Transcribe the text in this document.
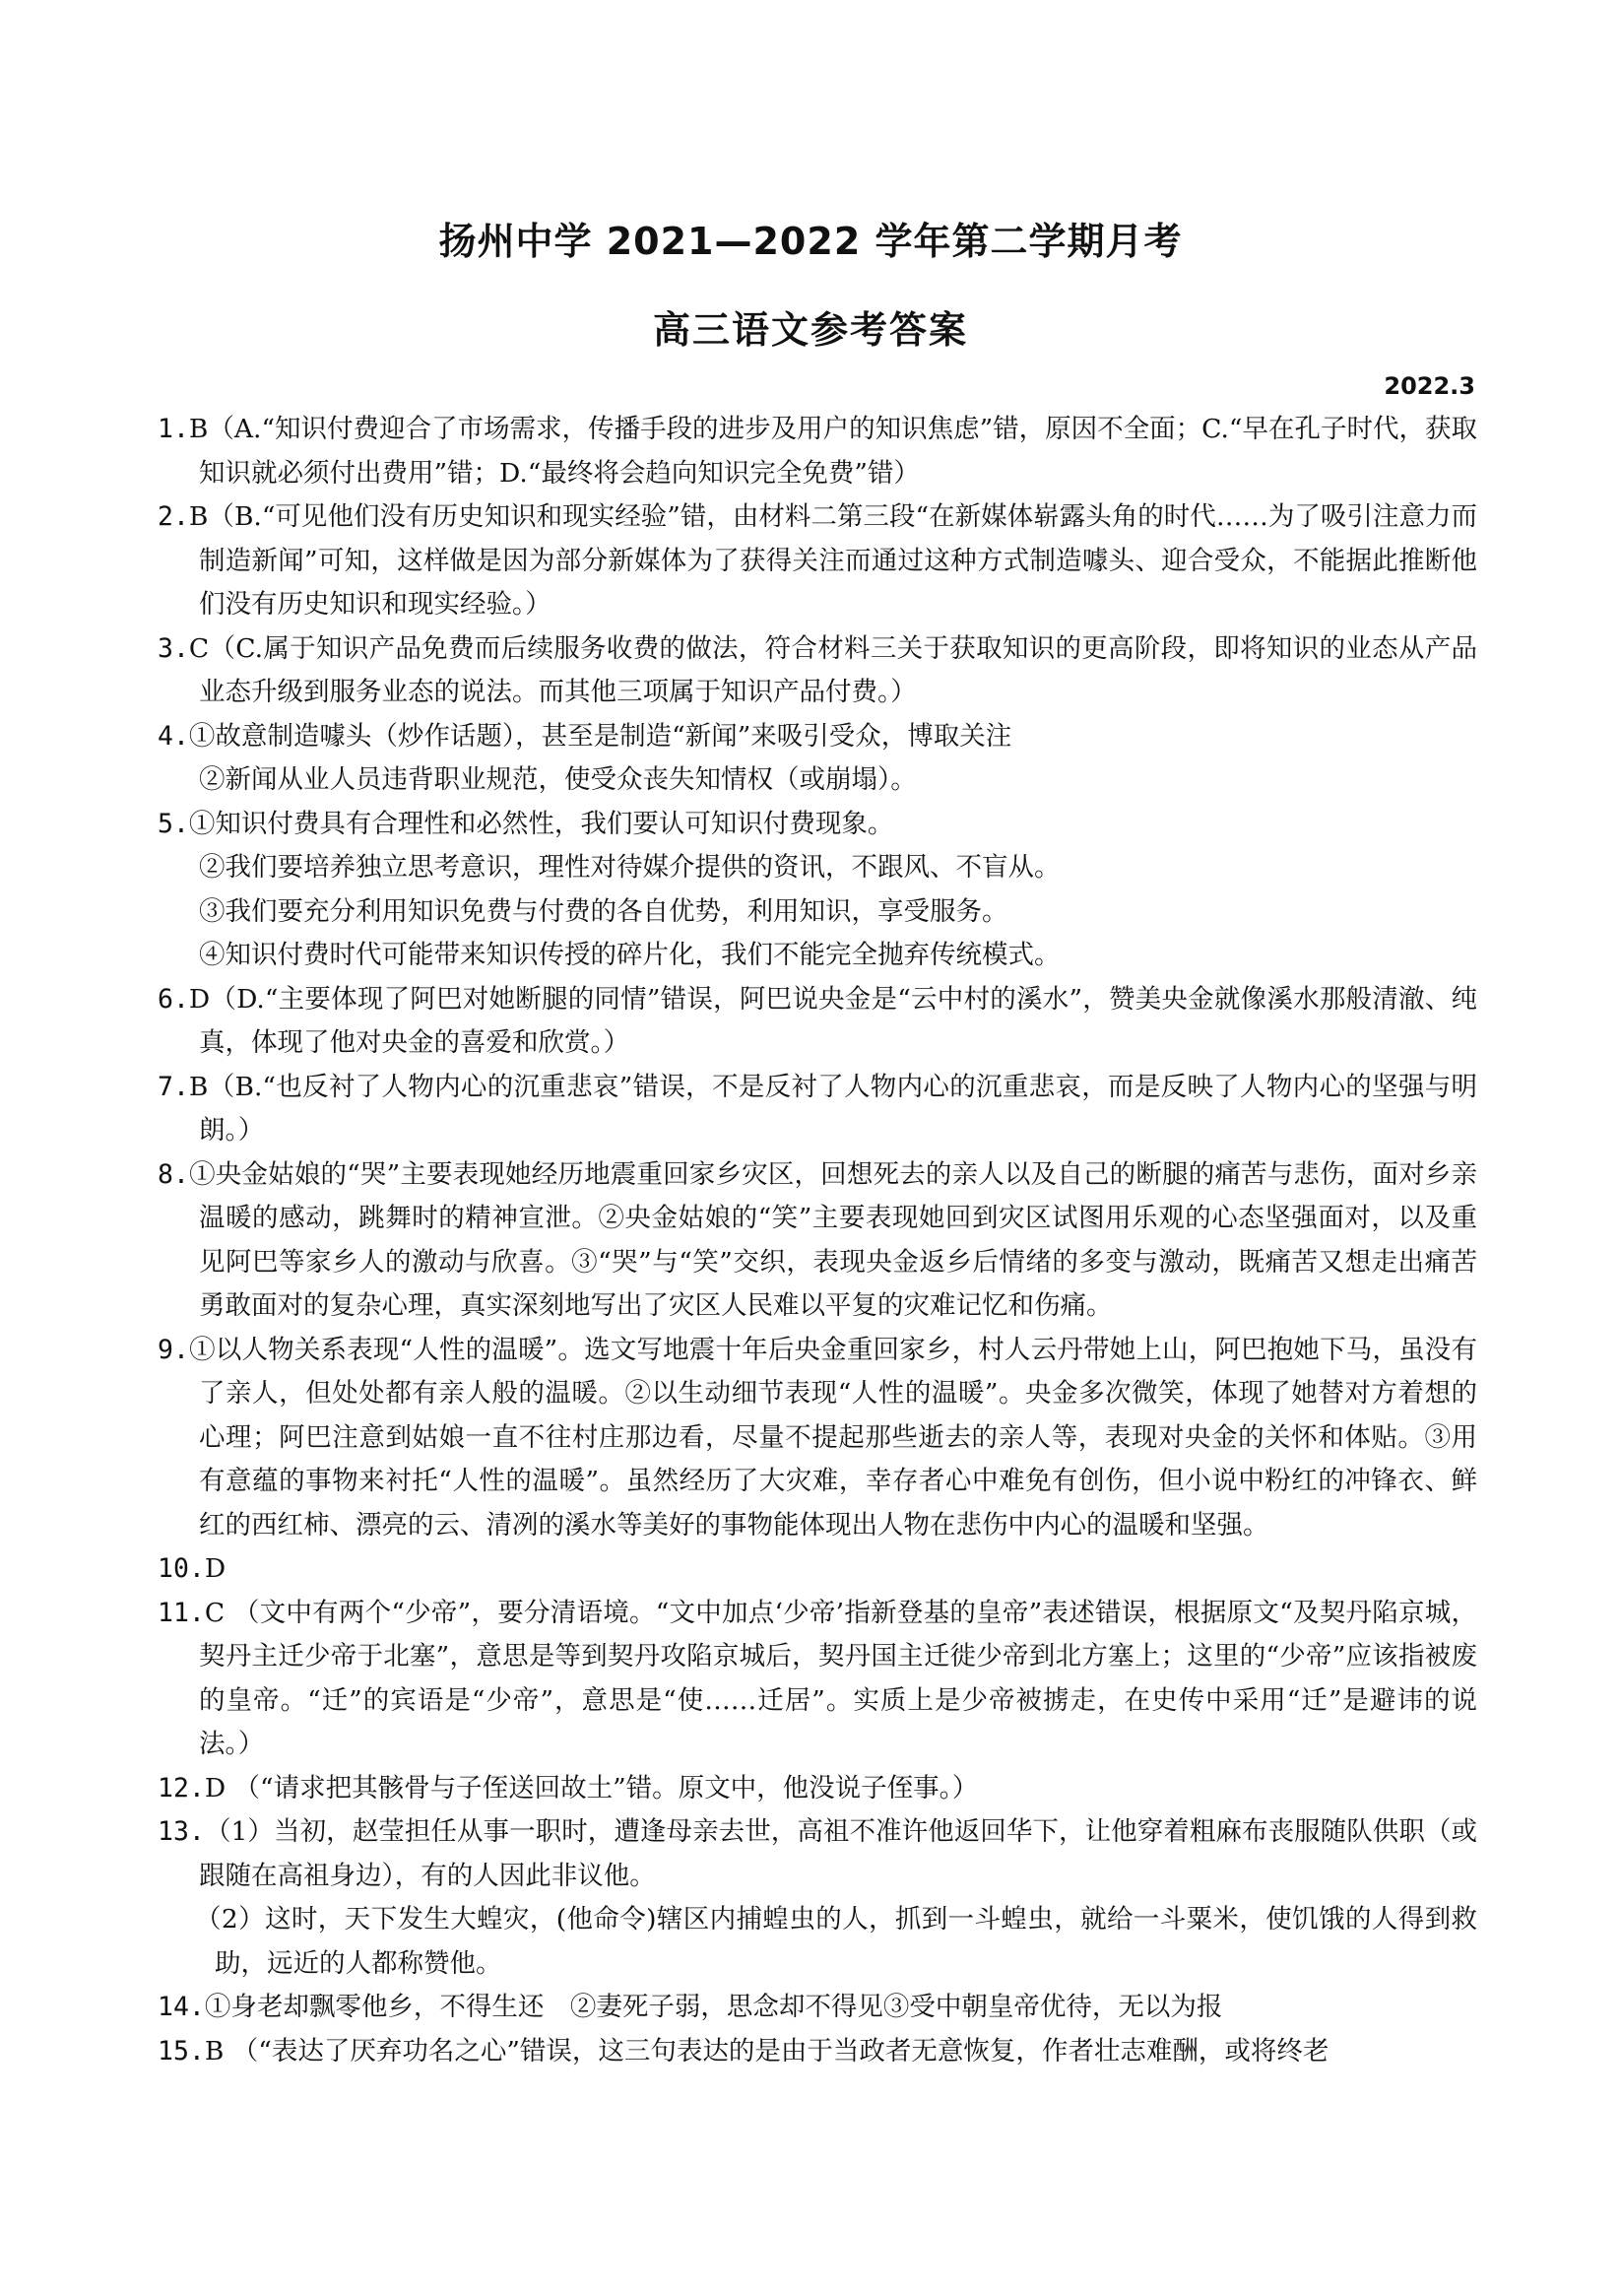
扬州中学 2021—2022 学年第二学期月考
高三语文参考答案
2022.3

1.B（A.“知识付费迎合了市场需求，传播手段的进步及用户的知识焦虑”错，原因不全面；C.“早在孔子时代，获取知识就必须付出费用”错；D.“最终将会趋向知识完全免费”错）

2.B（B.“可见他们没有历史知识和现实经验”错，由材料二第三段“在新媒体崭露头角的时代……为了吸引注意力而制造新闻”可知，这样做是因为部分新媒体为了获得关注而通过这种方式制造噱头、迎合受众，不能据此推断他们没有历史知识和现实经验。）

3.C（C.属于知识产品免费而后续服务收费的做法，符合材料三关于获取知识的更高阶段，即将知识的业态从产品业态升级到服务业态的说法。而其他三项属于知识产品付费。）

4.①故意制造噱头（炒作话题），甚至是制造“新闻”来吸引受众，博取关注

②新闻从业人员违背职业规范，使受众丧失知情权（或崩塌）。

5.①知识付费具有合理性和必然性，我们要认可知识付费现象。

②我们要培养独立思考意识，理性对待媒介提供的资讯，不跟风、不盲从。

③我们要充分利用知识免费与付费的各自优势，利用知识，享受服务。

④知识付费时代可能带来知识传授的碎片化，我们不能完全抛弃传统模式。

6.D（D.“主要体现了阿巴对她断腿的同情”错误，阿巴说央金是“云中村的溪水”，赞美央金就像溪水那般清澈、纯真，体现了他对央金的喜爱和欣赏。）

7.B（B.“也反衬了人物内心的沉重悲哀”错误，不是反衬了人物内心的沉重悲哀，而是反映了人物内心的坚强与明朗。）

8.①央金姑娘的“哭”主要表现她经历地震重回家乡灾区，回想死去的亲人以及自己的断腿的痛苦与悲伤，面对乡亲温暖的感动，跳舞时的精神宣泄。②央金姑娘的“笑”主要表现她回到灾区试图用乐观的心态坚强面对，以及重见阿巴等家乡人的激动与欣喜。③“哭”与“笑”交织，表现央金返乡后情绪的多变与激动，既痛苦又想走出痛苦勇敢面对的复杂心理，真实深刻地写出了灾区人民难以平复的灾难记忆和伤痛。

9.①以人物关系表现“人性的温暖”。选文写地震十年后央金重回家乡，村人云丹带她上山，阿巴抱她下马，虽没有了亲人，但处处都有亲人般的温暖。②以生动细节表现“人性的温暖”。央金多次微笑，体现了她替对方着想的心理；阿巴注意到姑娘一直不往村庄那边看，尽量不提起那些逝去的亲人等，表现对央金的关怀和体贴。③用有意蕴的事物来衬托“人性的温暖”。虽然经历了大灾难，幸存者心中难免有创伤，但小说中粉红的冲锋衣、鲜红的西红柿、漂亮的云、清冽的溪水等美好的事物能体现出人物在悲伤中内心的温暖和坚强。

10.D

11.C （文中有两个“少帝”，要分清语境。“文中加点‘少帝’指新登基的皇帝”表述错误，根据原文“及契丹陷京城，契丹主迁少帝于北塞”，意思是等到契丹攻陷京城后，契丹国主迁徙少帝到北方塞上；这里的“少帝”应该指被废的皇帝。“迁”的宾语是“少帝”，意思是“使……迁居”。实质上是少帝被掳走，在史传中采用“迁”是避讳的说法。）

12.D （“请求把其骸骨与子侄送回故土”错。原文中，他没说子侄事。）

13.（1）当初，赵莹担任从事一职时，遭逢母亲去世，高祖不准许他返回华下，让他穿着粗麻布丧服随队供职（或跟随在高祖身边），有的人因此非议他。

（2）这时，天下发生大蝗灾，(他命令)辖区内捕蝗虫的人，抓到一斗蝗虫，就给一斗粟米，使饥饿的人得到救助，远近的人都称赞他。

14.①身老却飘零他乡，不得生还　②妻死子弱，思念却不得见③受中朝皇帝优待，无以为报

15.B （“表达了厌弃功名之心”错误，这三句表达的是由于当政者无意恢复，作者壮志难酬，或将终老
